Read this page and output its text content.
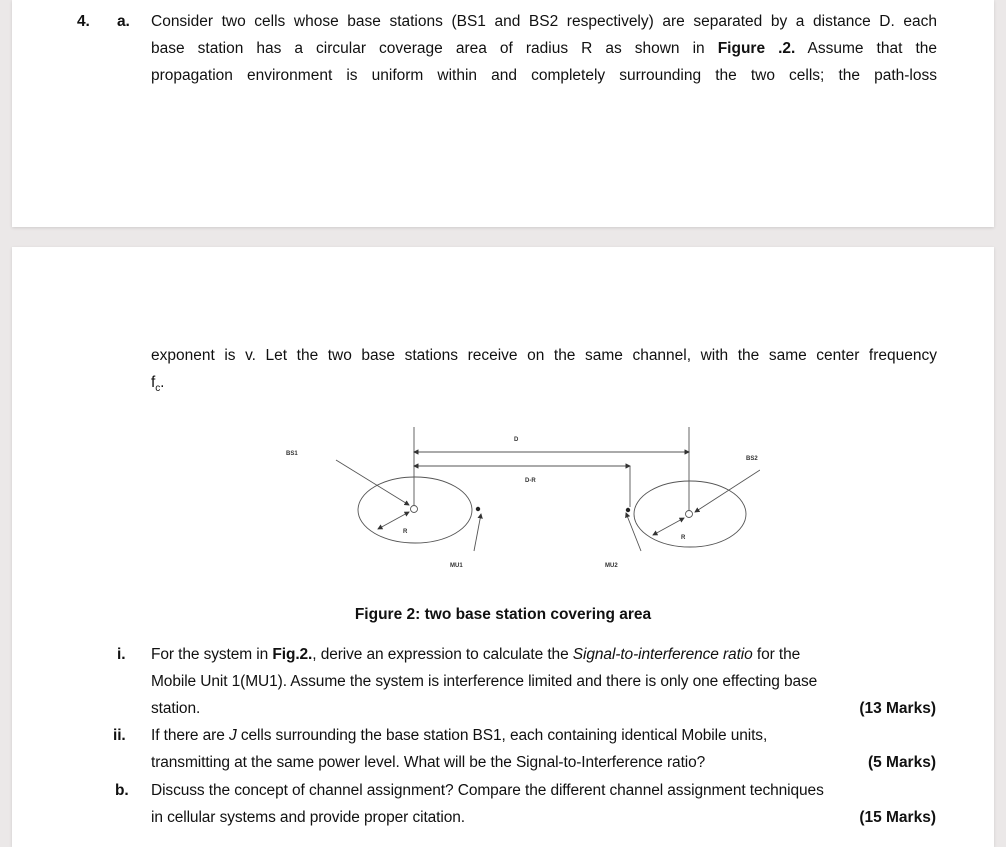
4. a. Consider two cells whose base stations (BS1 and BS2 respectively) are separated by a distance D. each
base station has a circular coverage area of radius R as shown in Figure .2. Assume that the
propagation environment is uniform within and completely surrounding the two cells; the path-loss
exponent is v. Let the two base stations receive on the same channel, with the same center frequency
$f_c$.
BS1
BS2
D
D-R
R
R
MU1	MU2
Figure 2: two base station covering area
i. For the system in Fig.2., derive an expression to calculate the Signal-to-interference ratio for the
Mobile Unit 1(MU1). Assume the system is interference limited and there is only one effecting base
station.	(13 Marks)
ii. If there are J cells surrounding the base station BS1, each containing identical Mobile units,
transmitting at the same power level. What will be the Signal-to-Interference ratio?	(5 Marks)
b. Discuss the concept of channel assignment? Compare the different channel assignment techniques
in cellular systems and provide proper citation.	(15 Marks)
